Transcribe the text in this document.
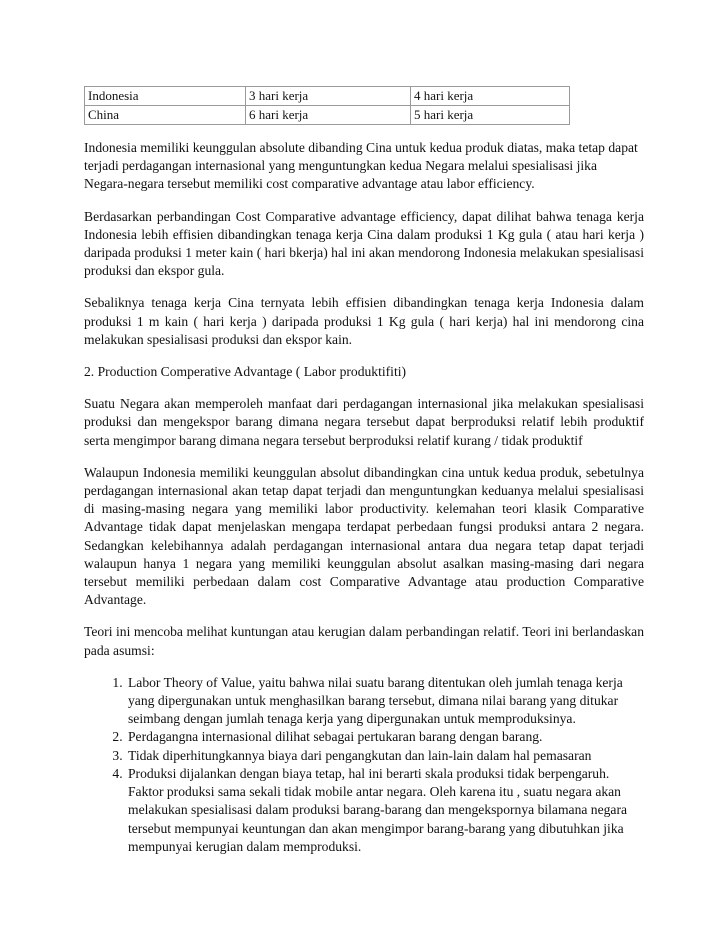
Indonesia	3 hari kerja	4 hari kerja
China	6 hari kerja	5 hari kerja

Indonesia memiliki keunggulan absolute dibanding Cina untuk kedua produk diatas, maka tetap dapat terjadi perdagangan internasional yang menguntungkan kedua Negara melalui spesialisasi jika Negara-negara tersebut memiliki cost comparative advantage atau labor efficiency.

Berdasarkan perbandingan Cost Comparative advantage efficiency, dapat dilihat bahwa tenaga kerja Indonesia lebih effisien dibandingkan tenaga kerja Cina dalam produksi 1 Kg gula ( atau hari kerja ) daripada produksi 1 meter kain ( hari bkerja) hal ini akan mendorong Indonesia melakukan spesialisasi produksi dan ekspor gula.

Sebaliknya tenaga kerja Cina ternyata lebih effisien dibandingkan tenaga kerja Indonesia dalam produksi 1 m kain ( hari kerja ) daripada produksi 1 Kg gula ( hari kerja) hal ini mendorong cina melakukan spesialisasi produksi dan ekspor kain.

2. Production Comperative Advantage ( Labor produktifiti)

Suatu Negara akan memperoleh manfaat dari perdagangan internasional jika melakukan spesialisasi produksi dan mengekspor barang dimana negara tersebut dapat berproduksi relatif lebih produktif serta mengimpor barang dimana negara tersebut berproduksi relatif kurang / tidak produktif

Walaupun Indonesia memiliki keunggulan absolut dibandingkan cina untuk kedua produk, sebetulnya perdagangan internasional akan tetap dapat terjadi dan menguntungkan keduanya melalui spesialisasi di masing-masing negara yang memiliki labor productivity. kelemahan teori klasik Comparative Advantage tidak dapat menjelaskan mengapa terdapat perbedaan fungsi produksi antara 2 negara. Sedangkan kelebihannya adalah perdagangan internasional antara dua negara tetap dapat terjadi walaupun hanya 1 negara yang memiliki keunggulan absolut asalkan masing-masing dari negara tersebut memiliki perbedaan dalam cost Comparative Advantage atau production Comparative Advantage.

Teori ini mencoba melihat kuntungan atau kerugian dalam perbandingan relatif. Teori ini berlandaskan pada asumsi:

1. Labor Theory of Value, yaitu bahwa nilai suatu barang ditentukan oleh jumlah tenaga kerja yang dipergunakan untuk menghasilkan barang tersebut, dimana nilai barang yang ditukar seimbang dengan jumlah tenaga kerja yang dipergunakan untuk memproduksinya.
2. Perdagangna internasional dilihat sebagai pertukaran barang dengan barang.
3. Tidak diperhitungkannya biaya dari pengangkutan dan lain-lain dalam hal pemasaran
4. Produksi dijalankan dengan biaya tetap, hal ini berarti skala produksi tidak berpengaruh. Faktor produksi sama sekali tidak mobile antar negara. Oleh karena itu , suatu negara akan melakukan spesialisasi dalam produksi barang-barang dan mengekspornya bilamana negara tersebut mempunyai keuntungan dan akan mengimpor barang-barang yang dibutuhkan jika mempunyai kerugian dalam memproduksi.
